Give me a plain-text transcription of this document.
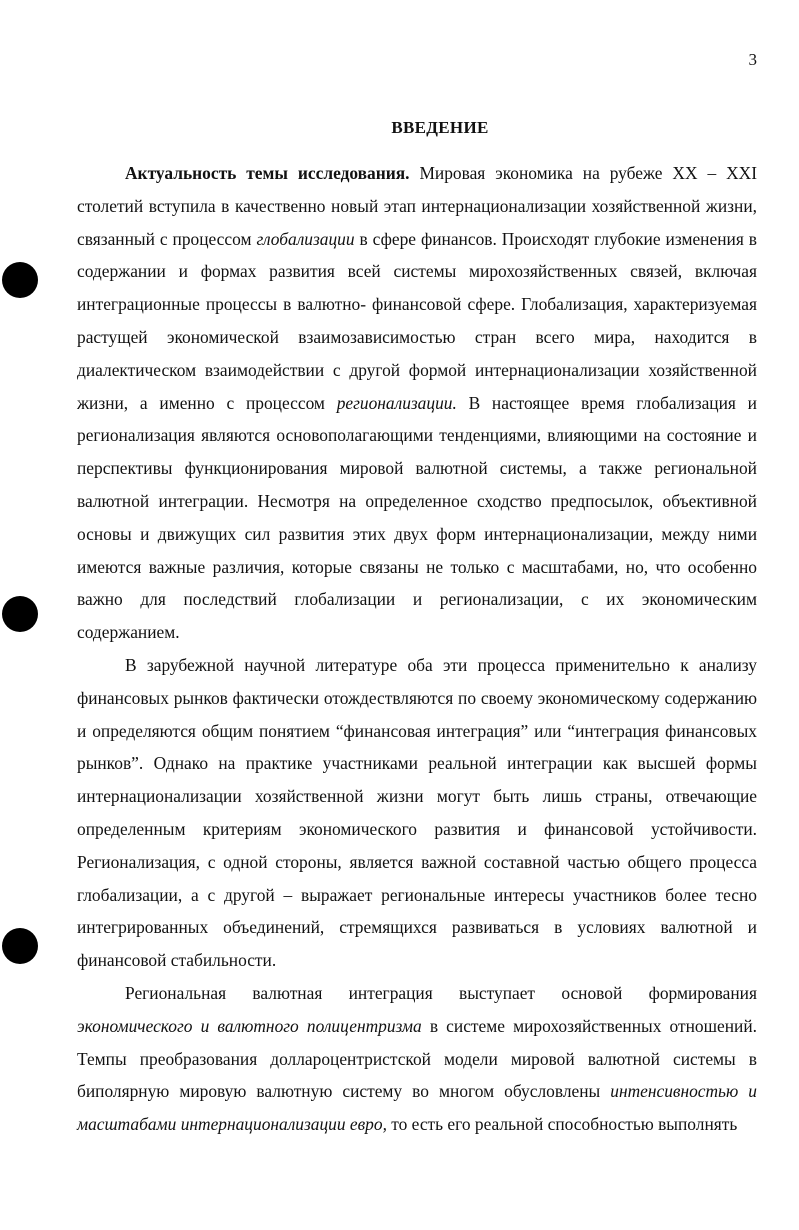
3
ВВЕДЕНИЕ

Актуальность темы исследования. Мировая экономика на рубеже XX – XXI столетий вступила в качественно новый этап интернационализации хозяйственной жизни, связанный с процессом глобализации в сфере финансов. Происходят глубокие изменения в содержании и формах развития всей системы мирохозяйственных связей, включая интеграционные процессы в валютно- финансовой сфере. Глобализация, характеризуемая растущей экономической взаимозависимостью стран всего мира, находится в диалектическом взаимодействии с другой формой интернационализации хозяйственной жизни, а именно с процессом регионализации. В настоящее время глобализация и регионализация являются основополагающими тенденциями, влияющими на состояние и перспективы функционирования мировой валютной системы, а также региональной валютной интеграции. Несмотря на определенное сходство предпосылок, объективной основы и движущих сил развития этих двух форм интернационализации, между ними имеются важные различия, которые связаны не только с масштабами, но, что особенно важно для последствий глобализации и регионализации, с их экономическим содержанием.

В зарубежной научной литературе оба эти процесса применительно к анализу финансовых рынков фактически отождествляются по своему экономическому содержанию и определяются общим понятием “финансовая интеграция” или “интеграция финансовых рынков”. Однако на практике участниками реальной интеграции как высшей формы интернационализации хозяйственной жизни могут быть лишь страны, отвечающие определенным критериям экономического развития и финансовой устойчивости. Регионализация, с одной стороны, является важной составной частью общего процесса глобализации, а с другой – выражает региональные интересы участников более тесно интегрированных объединений, стремящихся развиваться в условиях валютной и финансовой стабильности.

Региональная валютная интеграция выступает основой формирования экономического и валютного полицентризма в системе мирохозяйственных отношений. Темпы преобразования доллароцентристской модели мировой валютной системы в биполярную мировую валютную систему во многом обусловлены интенсивностью и масштабами интернационализации евро, то есть его реальной способностью выполнять
